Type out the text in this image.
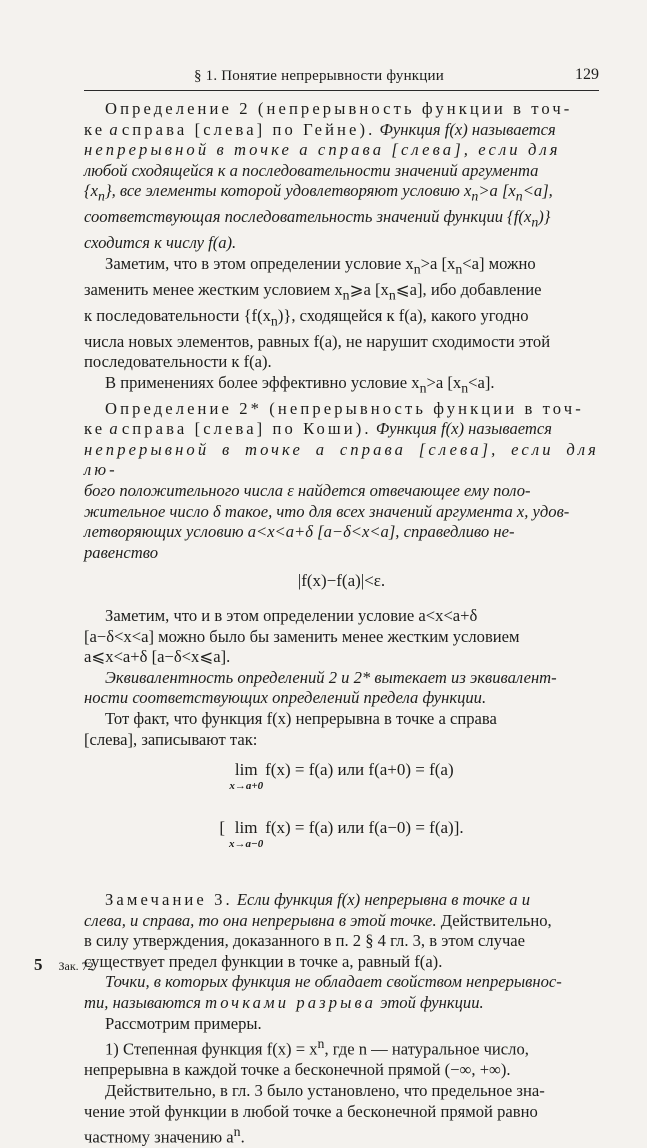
§ 1. Понятие непрерывности функции	129

Определение 2 (непрерывность функции в точ-
ке a справа [слева] по Гейне). Функция f(x) называется
непрерывной в точке a справа [слева], если для
любой сходящейся к a последовательности значений аргумента
$\{x_n\}$, все элементы которой удовлетворяют условию $x_n>a$ $[x_n<a]$,
соответствующая последовательность значений функции $\{f(x_n)\}$
сходится к числу f(a).

Заметим, что в этом определении условие $x_n>a$ $[x_n<a]$ можно
заменить менее жестким условием $x_n⩾a$ $[x_n⩽a]$, ибо добавление
к последовательности $\{f(x_n)\}$, сходящейся к f(a), какого угодно
числа новых элементов, равных f(a), не нарушит сходимости этой
последовательности к f(a).

В применениях более эффективно условие $x_n>a$ $[x_n<a]$.

Определение 2* (непрерывность функции в точ-
ке a справа [слева] по Коши). Функция f(x) называется
непрерывной в точке a справа [слева], если для лю-
бого положительного числа ε найдется отвечающее ему поло-
жительное число δ такое, что для всех значений аргумента x, удов-
летворяющих условию a<x<a+δ [a−δ<x<a], справедливо не-
равенство

|f(x)−f(a)|<ε.

Заметим, что и в этом определении условие a<x<a+δ
[a−δ<x<a] можно было бы заменить менее жестким условием
a⩽x<a+δ [a−δ<x⩽a].

Эквивалентность определений 2 и 2* вытекает из эквивалент-
ности соответствующих определений предела функции.

Тот факт, что функция f(x) непрерывна в точке a справа
[слева], записывают так:

lim
x→a+0
f(x) = f(a) или f(a+0) = f(a)
[ lim
x→a−0
f(x) = f(a) или f(a−0) = f(a)].

Замечание 3. Если функция f(x) непрерывна в точке a и
слева, и справа, то она непрерывна в этой точке. Действительно,
в силу утверждения, доказанного в п. 2 § 4 гл. 3, в этом случае
существует предел функции в точке a, равный f(a).

Точки, в которых функция не обладает свойством непрерывнос-
ти, называются точками разрыва этой функции.

Рассмотрим примеры.

1) Степенная функция $f(x) = x^n$, где n — натуральное число,
непрерывна в каждой точке a бесконечной прямой (−∞, +∞).

Действительно, в гл. 3 было установлено, что предельное зна-
чение этой функции в любой точке a бесконечной прямой равно
частному значению $a^n$.

5 Зак. 72
